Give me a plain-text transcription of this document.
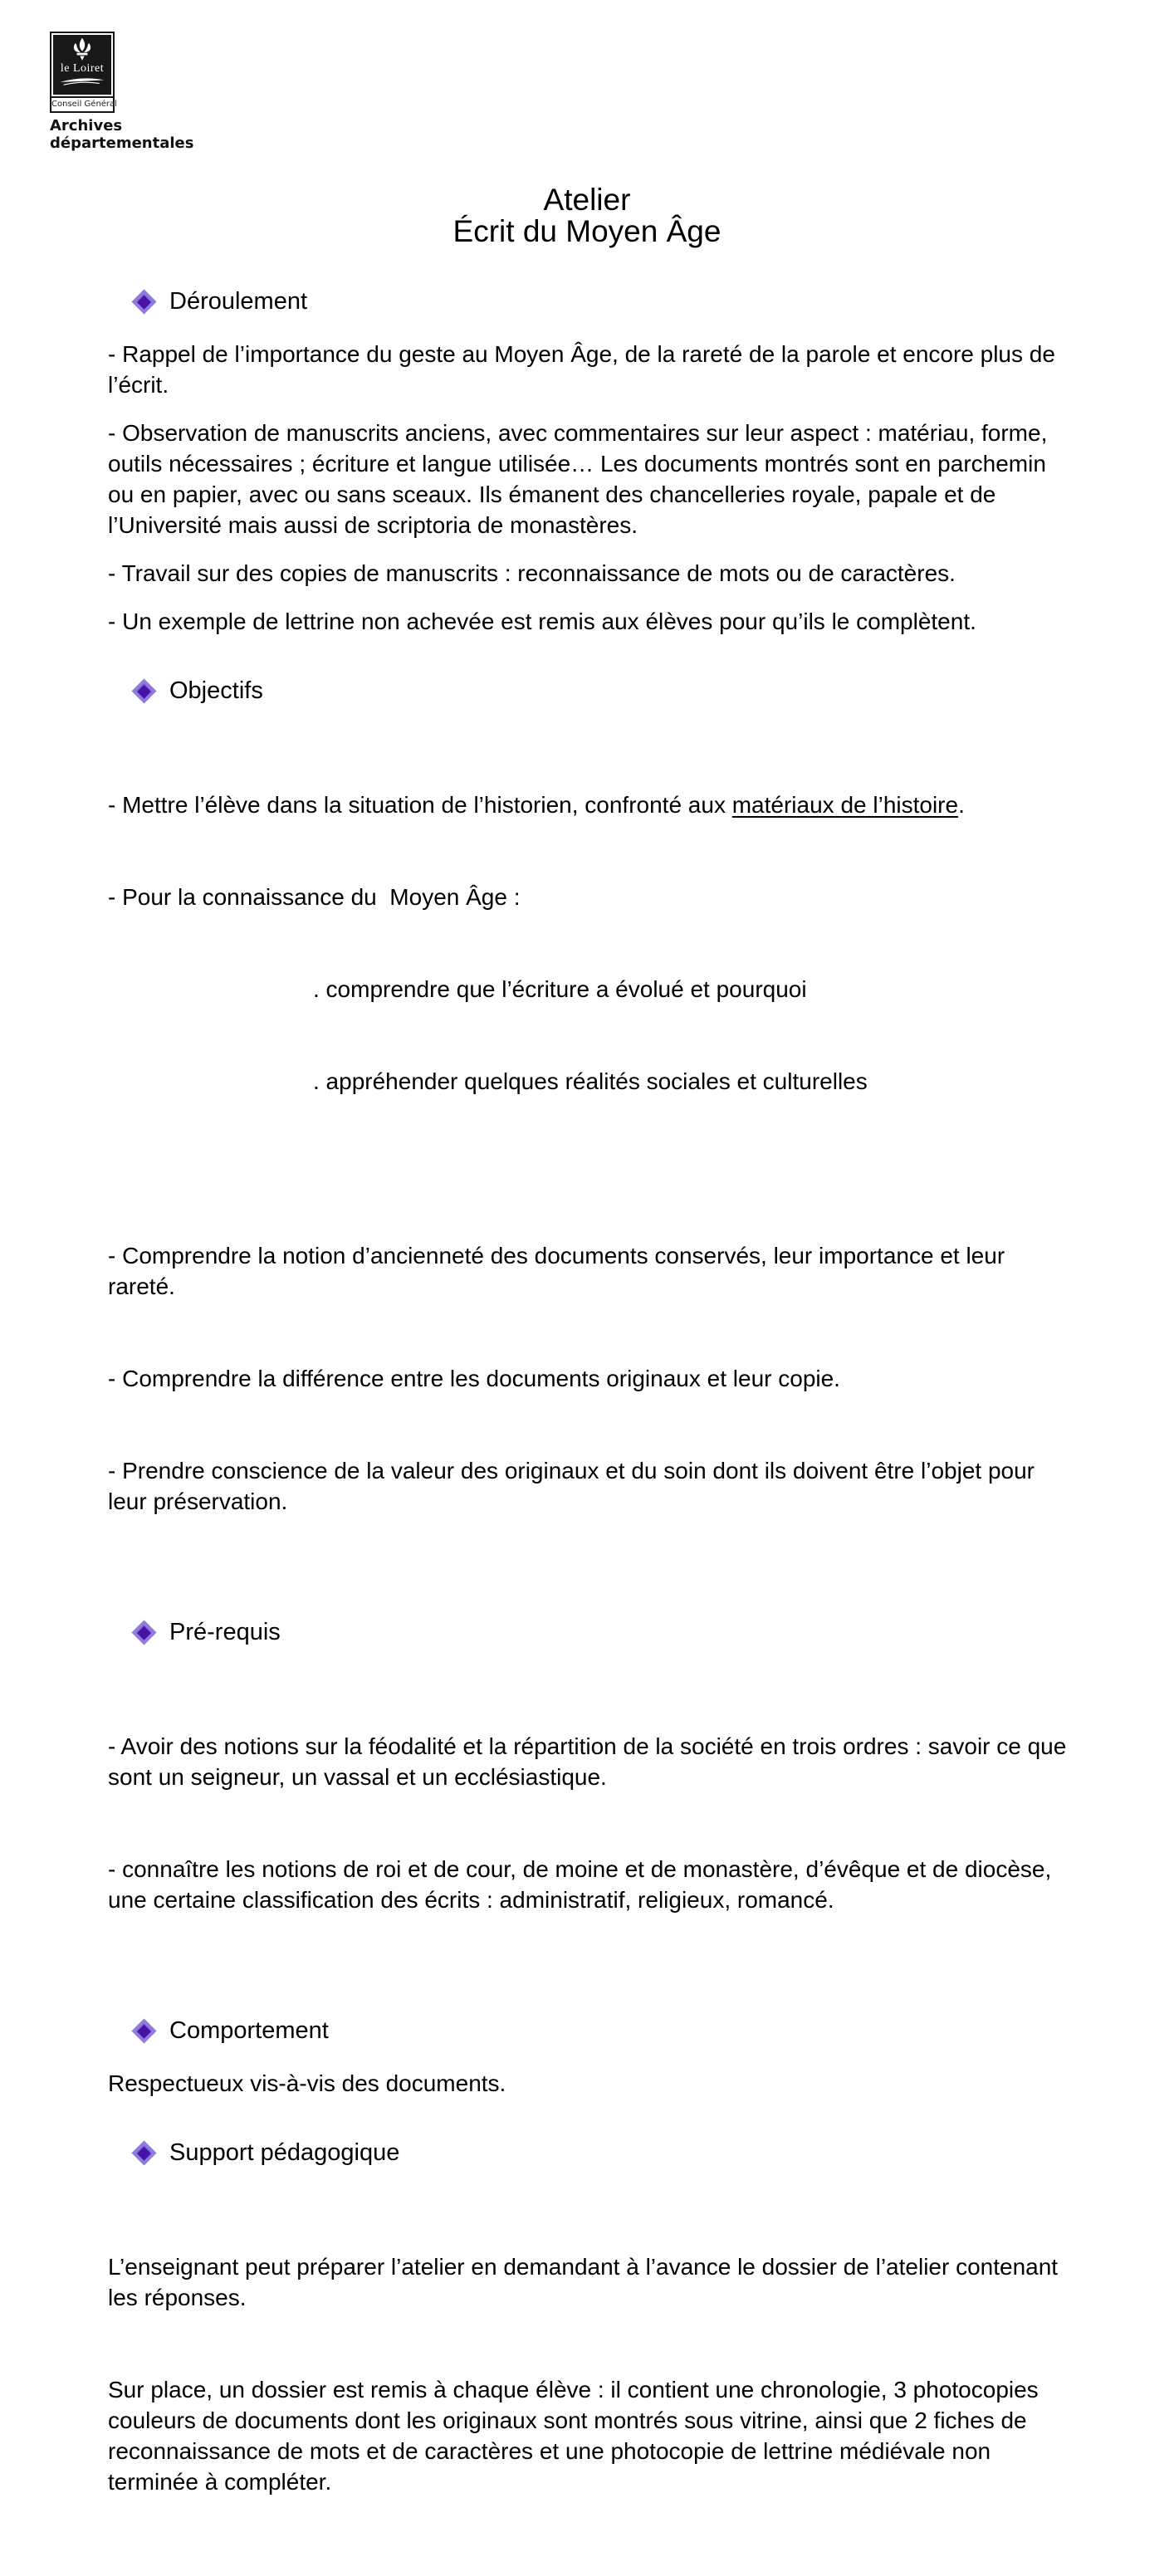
le Loiret
Conseil Général
Archives
départementales
Atelier
Écrit du Moyen Âge
Déroulement

- Rappel de l’importance du geste au Moyen Âge, de la rareté de la parole et encore plus de l’écrit.

- Observation de manuscrits anciens, avec commentaires sur leur aspect : matériau, forme, outils nécessaires ; écriture et langue utilisée… Les documents montrés sont en parchemin ou en papier, avec ou sans sceaux. Ils émanent des chancelleries royale, papale et de l’Université mais aussi de scriptoria de monastères.

- Travail sur des copies de manuscrits : reconnaissance de mots ou de caractères.

- Un exemple de lettrine non achevée est remis aux élèves pour qu’ils le complètent.

Objectifs

- Mettre l’élève dans la situation de l’historien, confronté aux matériaux de l’histoire.

- Pour la connaissance du  Moyen Âge :

. comprendre que l’écriture a évolué et pourquoi

. appréhender quelques réalités sociales et culturelles

- Comprendre la notion d’ancienneté des documents conservés, leur importance et leur rareté.

- Comprendre la différence entre les documents originaux et leur copie.

- Prendre conscience de la valeur des originaux et du soin dont ils doivent être l’objet pour leur préservation.

Pré-requis

- Avoir des notions sur la féodalité et la répartition de la société en trois ordres : savoir ce que sont un seigneur, un vassal et un ecclésiastique.

- connaître les notions de roi et de cour, de moine et de monastère, d’évêque et de diocèse, une certaine classification des écrits : administratif, religieux, romancé.

Comportement

Respectueux vis-à-vis des documents.

Support pédagogique

L’enseignant peut préparer l’atelier en demandant à l’avance le dossier de l’atelier contenant les réponses.

Sur place, un dossier est remis à chaque élève : il contient une chronologie, 3 photocopies couleurs de documents dont les originaux sont montrés sous vitrine, ainsi que 2 fiches de reconnaissance de mots et de caractères et une photocopie de lettrine médiévale non terminée à compléter.
